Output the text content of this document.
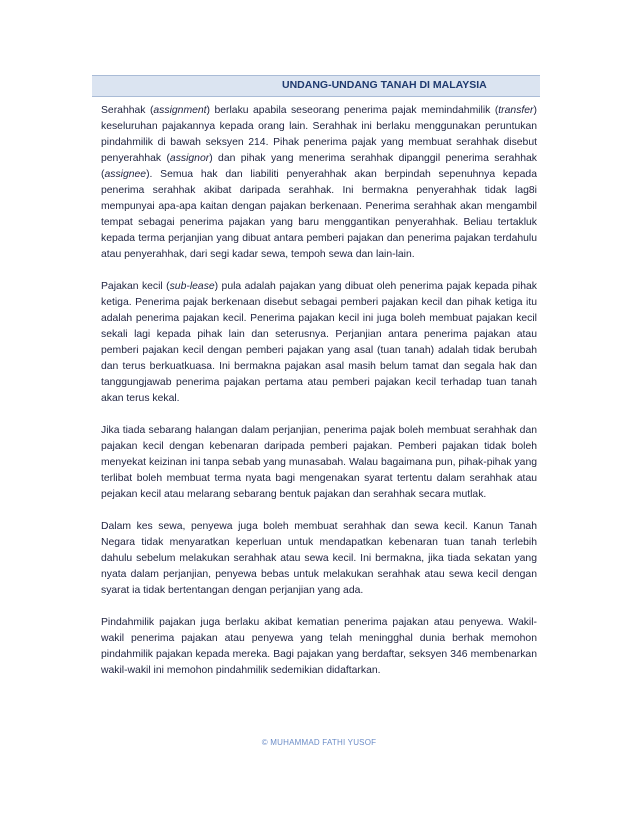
UNDANG-UNDANG TANAH DI MALAYSIA

Serahhak (assignment) berlaku apabila seseorang penerima pajak memindahmilik (transfer) keseluruhan pajakannya kepada orang lain. Serahhak ini berlaku menggunakan peruntukan pindahmilik di bawah seksyen 214. Pihak penerima pajak yang membuat serahhak disebut penyerahhak (assignor) dan pihak yang menerima serahhak dipanggil penerima serahhak (assignee). Semua hak dan liabiliti penyerahhak akan berpindah sepenuhnya kepada penerima serahhak akibat daripada serahhak. Ini bermakna penyerahhak tidak lag8i mempunyai apa-apa kaitan dengan pajakan berkenaan. Penerima serahhak akan mengambil tempat sebagai penerima pajakan yang baru menggantikan penyerahhak. Beliau tertakluk kepada terma perjanjian yang dibuat antara pemberi pajakan dan penerima pajakan terdahulu atau penyerahhak, dari segi kadar sewa, tempoh sewa dan lain-lain.

Pajakan kecil (sub-lease) pula adalah pajakan yang dibuat oleh penerima pajak kepada pihak ketiga. Penerima pajak berkenaan disebut sebagai pemberi pajakan kecil dan pihak ketiga itu adalah penerima pajakan kecil. Penerima pajakan kecil ini juga boleh membuat pajakan kecil sekali lagi kepada pihak lain dan seterusnya. Perjanjian antara penerima pajakan atau pemberi pajakan kecil dengan pemberi pajakan yang asal (tuan tanah) adalah tidak berubah dan terus berkuatkuasa. Ini bermakna pajakan asal masih belum tamat dan segala hak dan tanggungjawab penerima pajakan pertama atau pemberi pajakan kecil terhadap tuan tanah akan terus kekal.

Jika tiada sebarang halangan dalam perjanjian, penerima pajak boleh membuat serahhak dan pajakan kecil dengan kebenaran daripada pemberi pajakan. Pemberi pajakan tidak boleh menyekat keizinan ini tanpa sebab yang munasabah. Walau bagaimana pun, pihak-pihak yang terlibat boleh membuat terma nyata bagi mengenakan syarat tertentu dalam serahhak atau pejakan kecil atau melarang sebarang bentuk pajakan dan serahhak secara mutlak.

Dalam kes sewa, penyewa juga boleh membuat serahhak dan sewa kecil. Kanun Tanah Negara tidak menyaratkan keperluan untuk mendapatkan kebenaran tuan tanah terlebih dahulu sebelum melakukan serahhak atau sewa kecil. Ini bermakna, jika tiada sekatan yang nyata dalam perjanjian, penyewa bebas untuk melakukan serahhak atau sewa kecil dengan syarat ia tidak bertentangan dengan perjanjian yang ada.

Pindahmilik pajakan juga berlaku akibat kematian penerima pajakan atau penyewa. Wakil-wakil penerima pajakan atau penyewa yang telah meningghal dunia berhak memohon pindahmilik pajakan kepada mereka. Bagi pajakan yang berdaftar, seksyen 346 membenarkan wakil-wakil ini memohon pindahmilik sedemikian didaftarkan.

© MUHAMMAD FATHI YUSOF
